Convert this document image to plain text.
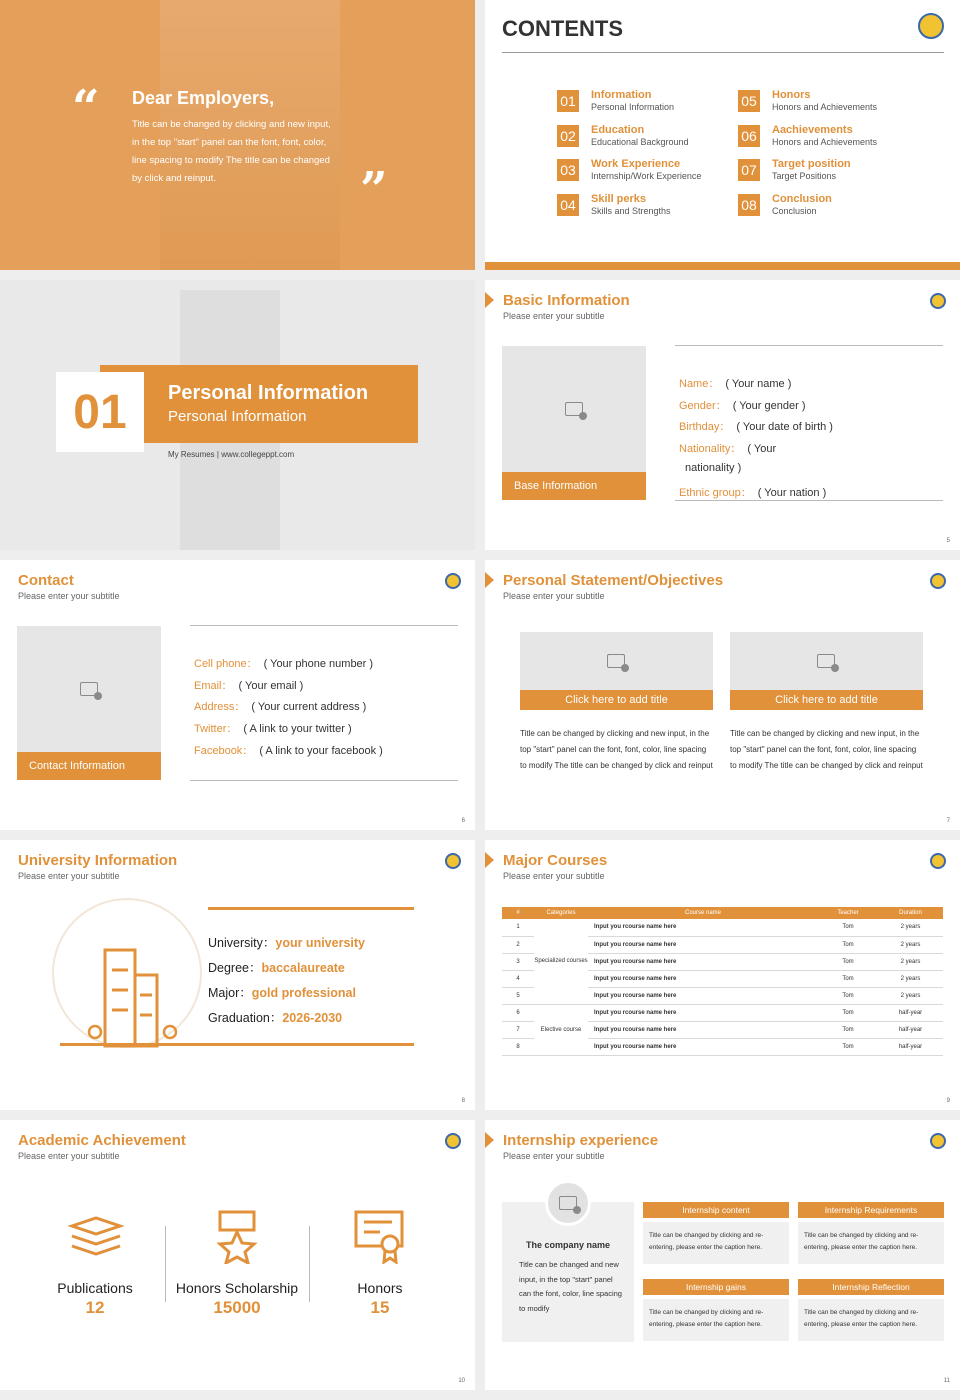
“ Dear Employers,
Title can be changed by clicking and new input, in the top "start" panel can the font, font, color, line spacing to modify The title can be changed by click and reinput.	”
CONTENTS
01 Information
Personal Information
02 Education
Educational Background
03 Work Experience
Internship/Work Experience
04 Skill perks
Skills and Strengths
05 Honors
Honors and Achievements
06 Aachievements
Honors and Achievements
07 Target position
Target Positions
08 Conclusion
Conclusion
01	Personal Information
Personal Information
My Resumes | www.collegeppt.com
Basic Information
Please enter your subtitle
Base Information
Name： ( Your name )
Gender： ( Your gender )
Birthday： ( Your date of birth )
Nationality： ( Your
nationality )
Ethnic group： ( Your nation )
5
Contact
Please enter your subtitle
Contact Information
Cell phone： ( Your phone number )
Email： ( Your email )
Address： ( Your current address )
Twitter： ( A link to your twitter )
Facebook： ( A link to your facebook )
6
Personal Statement/Objectives
Please enter your subtitle
Click here to add title
Title can be changed by clicking and new input, in the top "start" panel can the font, font, color, line spacing to modify The title can be changed by click and reinput
Click here to add title
Title can be changed by clicking and new input, in the top "start" panel can the font, font, color, line spacing to modify The title can be changed by click and reinput
7
University Information
Please enter your subtitle
University：your university
Degree：baccalaureate
Major：gold professional
Graduation：2026-2030
8
Major Courses
Please enter your subtitle
#	Categories	Course name	Teacher	Duration
1	Specialized courses	Input you rcourse name here	Tom	2 years
2		Input you rcourse name here	Tom	2 years
3		Input you rcourse name here	Tom	2 years
4		Input you rcourse name here	Tom	2 years
5		Input you rcourse name here	Tom	2 years
6	Elective course	Input you rcourse name here	Tom	half-year
7		Input you rcourse name here	Tom	half-year
8		Input you rcourse name here	Tom	half-year
9
Academic Achievement
Please enter your subtitle
Publications
12
Honors Scholarship
15000
Honors
15
10
Internship experience
Please enter your subtitle
The company name
Title can be changed and new input, in the top "start" panel can the font, color, line spacing to modify
Internship content
Title can be changed by clicking and re-entering, please enter the caption here.
Internship Requirements
Title can be changed by clicking and re-entering, please enter the caption here.
Internship gains
Title can be changed by clicking and re-entering, please enter the caption here.
Internship Reflection
Title can be changed by clicking and re-entering, please enter the caption here.
11
